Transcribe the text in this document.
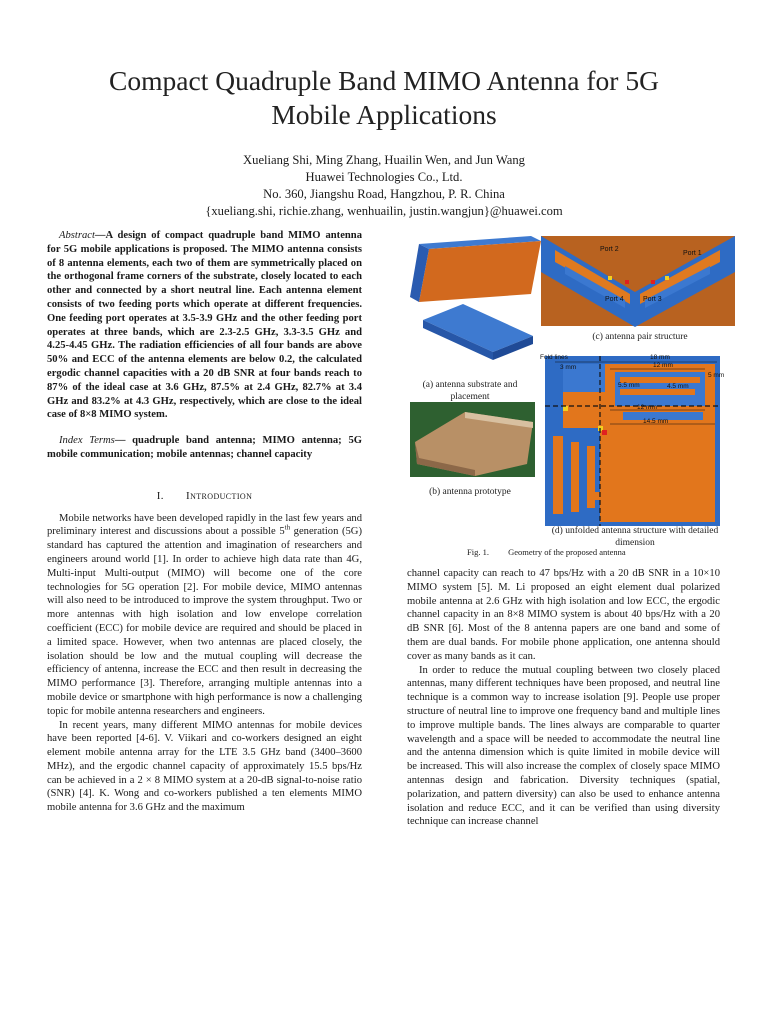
Compact Quadruple Band MIMO Antenna for 5G
Mobile Applications
Xueliang Shi, Ming Zhang, Huailin Wen, and Jun Wang
Huawei Technologies Co., Ltd.
No. 360, Jiangshu Road, Hangzhou, P. R. China
{xueliang.shi, richie.zhang, wenhuailin, justin.wangjun}@huawei.com

Abstract—A design of compact quadruple band MIMO antenna for 5G mobile applications is proposed. The MIMO antenna consists of 8 antenna elements, each two of them are symmetrically placed on the orthogonal frame corners of the substrate, closely located to each other and connected by a short neutral line. Each antenna element consists of two feeding ports which operate at different frequencies. One feeding port operates at 3.5-3.9 GHz and the other feeding port operates at three bands, which are 2.3-2.5 GHz, 3.3-3.5 GHz and 4.25-4.45 GHz. The radiation efficiencies of all four bands are above 50% and ECC of the antenna elements are below 0.2, the calculated ergodic channel capacities with a 20 dB SNR at four bands reach to 87% of the ideal case at 3.6 GHz, 87.5% at 2.4 GHz, 82.7% at 3.4 GHz and 83.2% at 4.3 GHz, respectively, which are close to the ideal case of 8×8 MIMO system.

Index Terms— quadruple band antenna; MIMO antenna; 5G mobile communication; mobile antennas; channel capacity

I. Introduction

Mobile networks have been developed rapidly in the last few years and preliminary interest and discussions about a possible 5th generation (5G) standard has captured the attention and imagination of researchers and engineers around world [1]. In order to achieve high data rate than 4G, Multi-input Multi-output (MIMO) will become one of the core technologies for 5G operation [2]. For mobile device, MIMO antennas will also need to be introduced to improve the system throughput. Two or more antennas with high isolation and low envelope correlation coefficient (ECC) for mobile device are required and should be placed in a limited space. However, when two antennas are placed closely, the isolation should be low and the mutual coupling will decrease the efficiency of antenna, increase the ECC and then result in decreasing the MIMO performance [3]. Therefore, arranging multiple antennas into a mobile device or smartphone with high performance is now a challenging topic for mobile antenna researchers and engineers.

In recent years, many different MIMO antennas for mobile devices have been reported [4-6]. V. Viikari and co-workers designed an eight element mobile antenna array for the LTE 3.5 GHz band (3400–3600 MHz), and the ergodic channel capacity of approximately 15.5 bps/Hz can be achieved in a 2 × 8 MIMO system at a 20-dB signal-to-noise ratio (SNR) [4]. K. Wong and co-workers published a ten elements MIMO mobile antenna for 3.6 GHz and the maximum

channel capacity can reach to 47 bps/Hz with a 20 dB SNR in a 10×10 MIMO system [5]. M. Li proposed an eight element dual polarized mobile antenna at 2.6 GHz with high isolation and low ECC, the ergodic channel capacity in an 8×8 MIMO system is about 40 bps/Hz with a 20 dB SNR [6]. Most of the 8 antenna papers are one band and some of them are dual bands. For mobile phone application, one antenna should cover as many bands as it can.

In order to reduce the mutual coupling between two closely placed antennas, many different techniques have been proposed, and neutral line technique is a common way to increase isolation [9]. People use proper structure of neutral line to improve one frequency band and multiple lines to improve multiple bands. The lines always are comparable to quarter wavelength and a space will be needed to accommodate the neutral line and the antenna dimension which is quite limited in mobile device will be increased. This will also increase the complex of closely space MIMO antennas design and fabrication. Diversity techniques (spatial, polarization, and pattern diversity) can also be used to enhance antenna isolation and reduce ECC, and it can be verified than using diversity technique can increase channel

(a) antenna substrate and placement
(b) antenna prototype
(c) antenna pair structure
(d) unfolded antenna structure with detailed dimension
Port 2
Port 1
Port 4	Port 3
Fold lines	18 mm
3 mm	12 mm
5 mm
5.5 mm	4.5 mm
12 mm
14.5 mm
Fig. 1. Geometry of the proposed antenna
